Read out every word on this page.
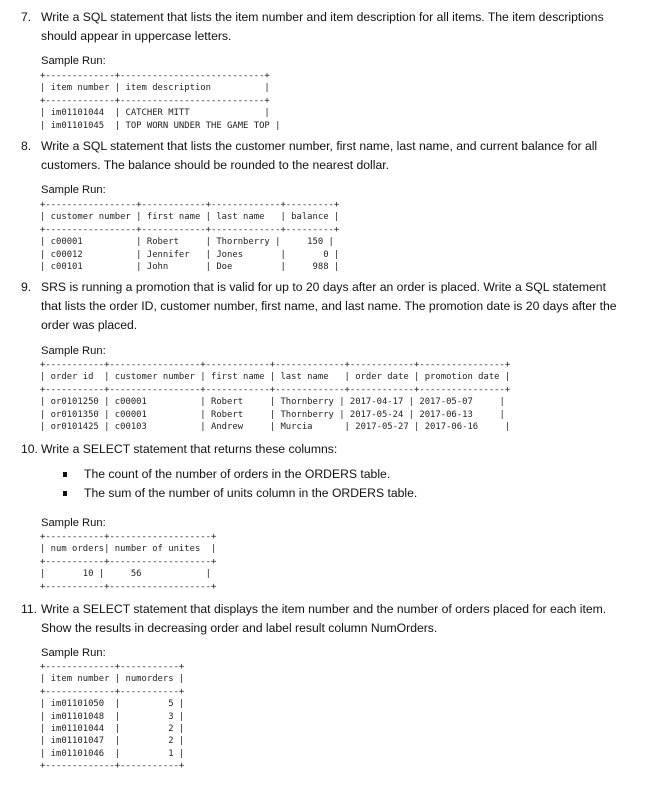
7. Write a SQL statement that lists the item number and item description for all items. The item descriptions should appear in uppercase letters.
Sample Run:
+-------------+---------------------------+
| item number | item description          |
+-------------+---------------------------+
| im01101044  | CATCHER MITT              |
| im01101045  | TOP WORN UNDER THE GAME TOP |
8. Write a SQL statement that lists the customer number, first name, last name, and current balance for all customers. The balance should be rounded to the nearest dollar.
Sample Run:
+-----------------+------------+-------------+---------+
| customer number | first name | last name   | balance |
+-----------------+------------+-------------+---------+
| c00001          | Robert     | Thornberry |     150 |
| c00012          | Jennifer   | Jones       |       0 |
| c00101          | John       | Doe         |     988 |
9. SRS is running a promotion that is valid for up to 20 days after an order is placed. Write a SQL statement that lists the order ID, customer number, first name, and last name. The promotion date is 20 days after the order was placed.
Sample Run:
+-----------+-----------------+------------+-------------+------------+----------------+
| order id  | customer number | first name | last name   | order date | promotion date |
+-----------+-----------------+------------+-------------+------------+----------------+
| or0101250 | c00001          | Robert     | Thornberry | 2017-04-17 | 2017-05-07     |
| or0101350 | c00001          | Robert     | Thornberry | 2017-05-24 | 2017-06-13     |
| or0101425 | c00103          | Andrew     | Murcia      | 2017-05-27 | 2017-06-16     |
10. Write a SELECT statement that returns these columns:
The count of the number of orders in the ORDERS table.
The sum of the number of units column in the ORDERS table.
Sample Run:
+-----------+-------------------+
| num orders| number of unites  |
+-----------+-------------------+
|       10 |     56            |
+-----------+-------------------+
11. Write a SELECT statement that displays the item number and the number of orders placed for each item. Show the results in decreasing order and label result column NumOrders.
Sample Run:
+-------------+-----------+
| item number | numorders |
+-------------+-----------+
| im01101050  |         5 |
| im01101048  |         3 |
| im01101044  |         2 |
| im01101047  |         2 |
| im01101046  |         1 |
+-------------+-----------+
